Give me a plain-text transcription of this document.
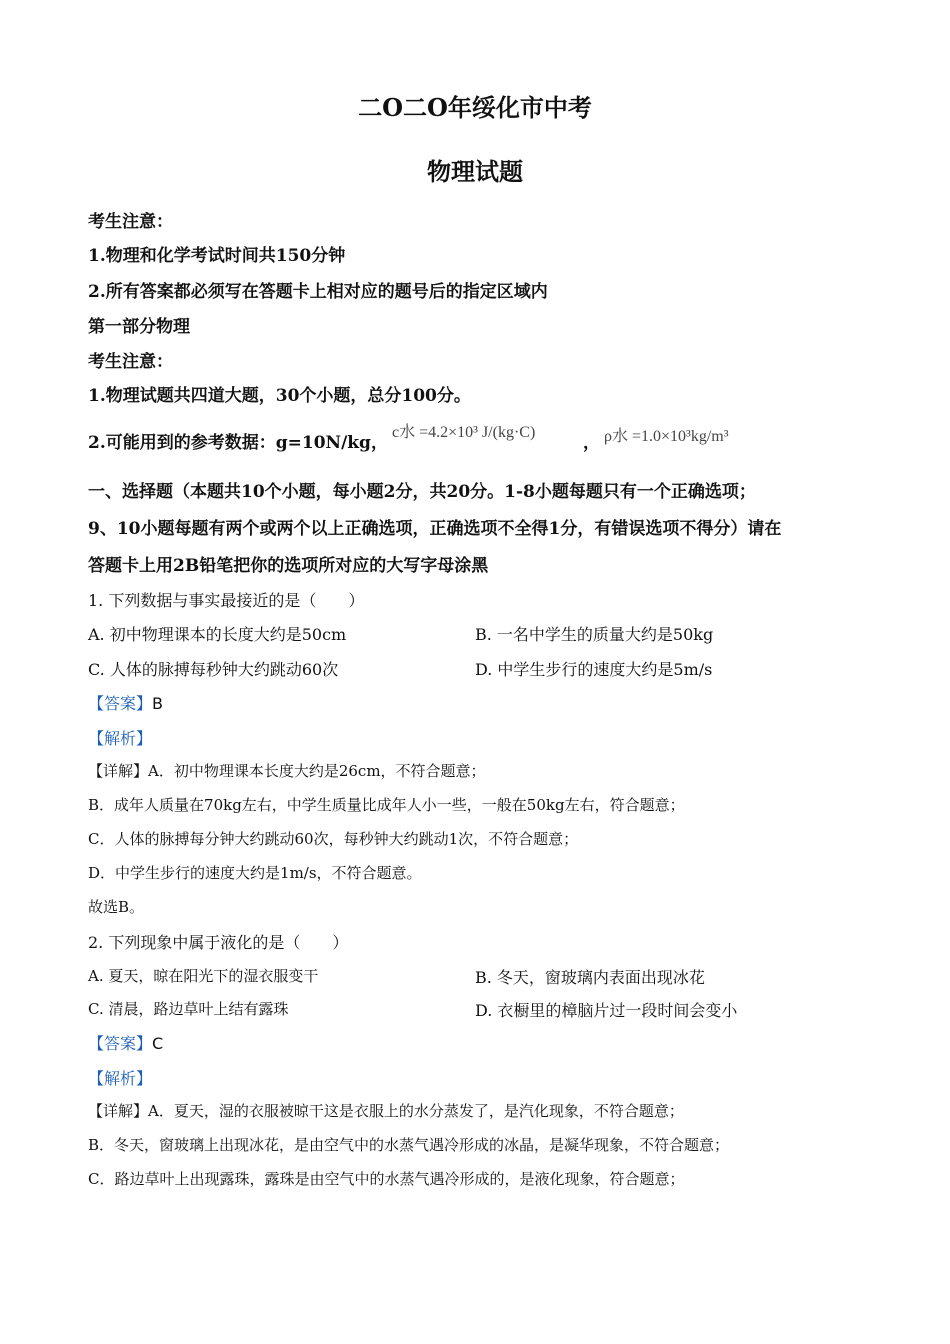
二O二O年绥化市中考
物理试题
考生注意：
1.物理和化学考试时间共150分钟
2.所有答案都必须写在答题卡上相对应的题号后的指定区域内
第一部分物理
考生注意：
1.物理试题共四道大题，30个小题，总分100分。
2.可能用到的参考数据：g=10N/kg，
c水 =4.2×10³ J/(kg·C)
， ρ水 =1.0×10³kg/m³
一、选择题（本题共10个小题，每小题2分，共20分。1-8小题每题只有一个正确选项；
9、10小题每题有两个或两个以上正确选项，正确选项不全得1分，有错误选项不得分）请在
答题卡上用2B铅笔把你的选项所对应的大写字母涂黑
1. 下列数据与事实最接近的是（　　）
A. 初中物理课本的长度大约是50cm	B. 一名中学生的质量大约是50kg
C. 人体的脉搏每秒钟大约跳动60次	D. 中学生步行的速度大约是5m/s
【答案】B
【解析】
【详解】A．初中物理课本长度大约是26cm，不符合题意；
B．成年人质量在70kg左右，中学生质量比成年人小一些，一般在50kg左右，符合题意；
C．人体的脉搏每分钟大约跳动60次，每秒钟大约跳动1次，不符合题意；
D．中学生步行的速度大约是1m/s，不符合题意。
故选B。
2. 下列现象中属于液化的是（　　）
A. 夏天，晾在阳光下的湿衣服变干	B. 冬天，窗玻璃内表面出现冰花
C. 清晨，路边草叶上结有露珠	D. 衣橱里的樟脑片过一段时间会变小
【答案】C
【解析】
【详解】A．夏天，湿的衣服被晾干这是衣服上的水分蒸发了，是汽化现象，不符合题意；
B．冬天，窗玻璃上出现冰花，是由空气中的水蒸气遇冷形成的冰晶，是凝华现象，不符合题意；
C．路边草叶上出现露珠，露珠是由空气中的水蒸气遇冷形成的，是液化现象，符合题意；
